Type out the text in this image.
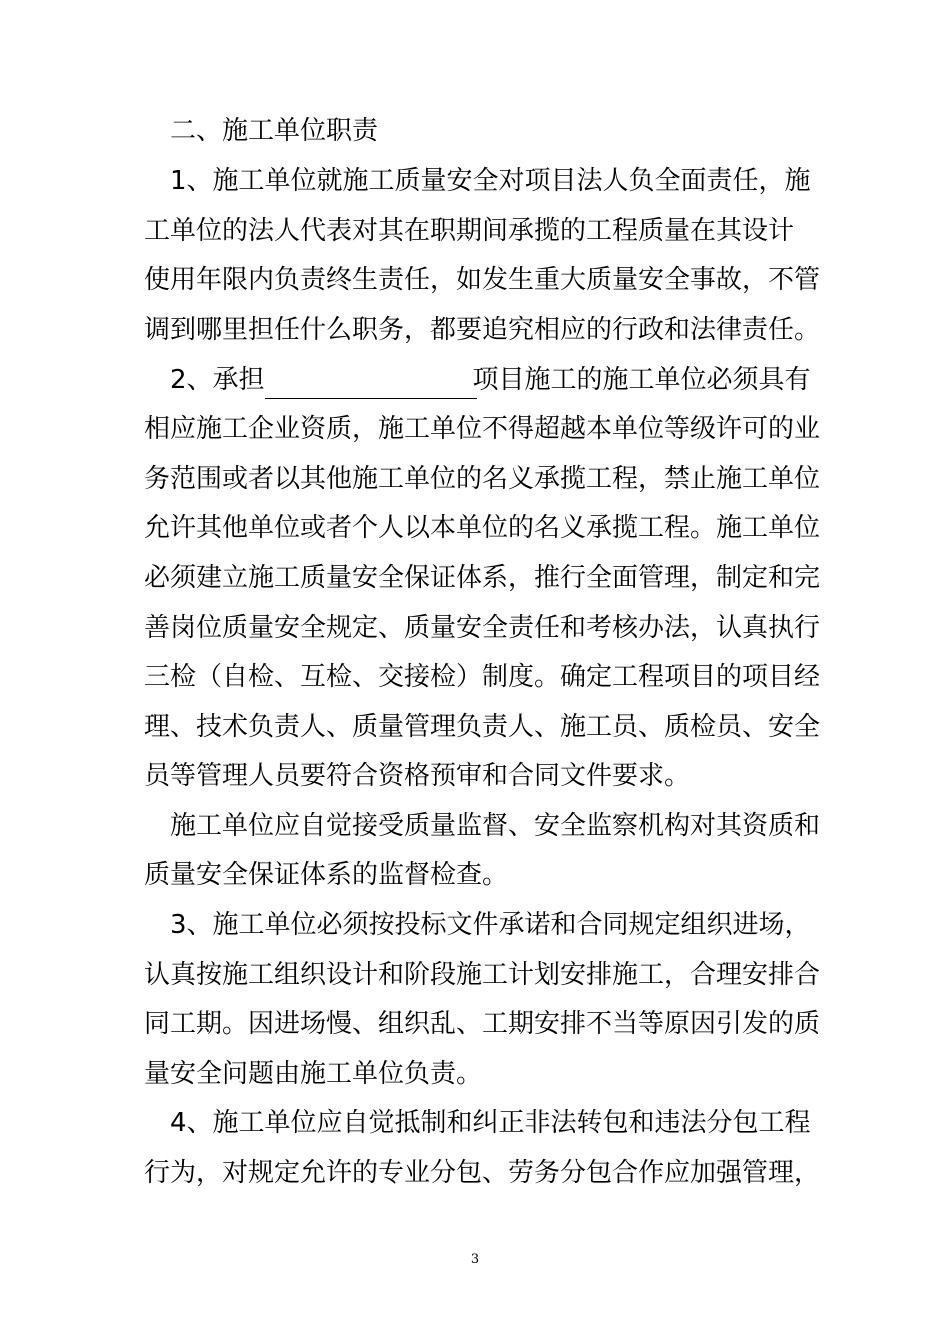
二、施工单位职责
1、施工单位就施工质量安全对项目法人负全面责任，施
工单位的法人代表对其在职期间承揽的工程质量在其设计
使用年限内负责终生责任，如发生重大质量安全事故，不管
调到哪里担任什么职务，都要追究相应的行政和法律责任。
2、承担	项目施工的施工单位必须具有
相应施工企业资质，施工单位不得超越本单位等级许可的业
务范围或者以其他施工单位的名义承揽工程，禁止施工单位
允许其他单位或者个人以本单位的名义承揽工程。施工单位
必须建立施工质量安全保证体系，推行全面管理，制定和完
善岗位质量安全规定、质量安全责任和考核办法，认真执行
三检（自检、互检、交接检）制度。确定工程项目的项目经
理、技术负责人、质量管理负责人、施工员、质检员、安全
员等管理人员要符合资格预审和合同文件要求。
施工单位应自觉接受质量监督、安全监察机构对其资质和
质量安全保证体系的监督检查。
3、施工单位必须按投标文件承诺和合同规定组织进场，
认真按施工组织设计和阶段施工计划安排施工，合理安排合
同工期。因进场慢、组织乱、工期安排不当等原因引发的质
量安全问题由施工单位负责。
4、施工单位应自觉抵制和纠正非法转包和违法分包工程
行为，对规定允许的专业分包、劳务分包合作应加强管理，
3
